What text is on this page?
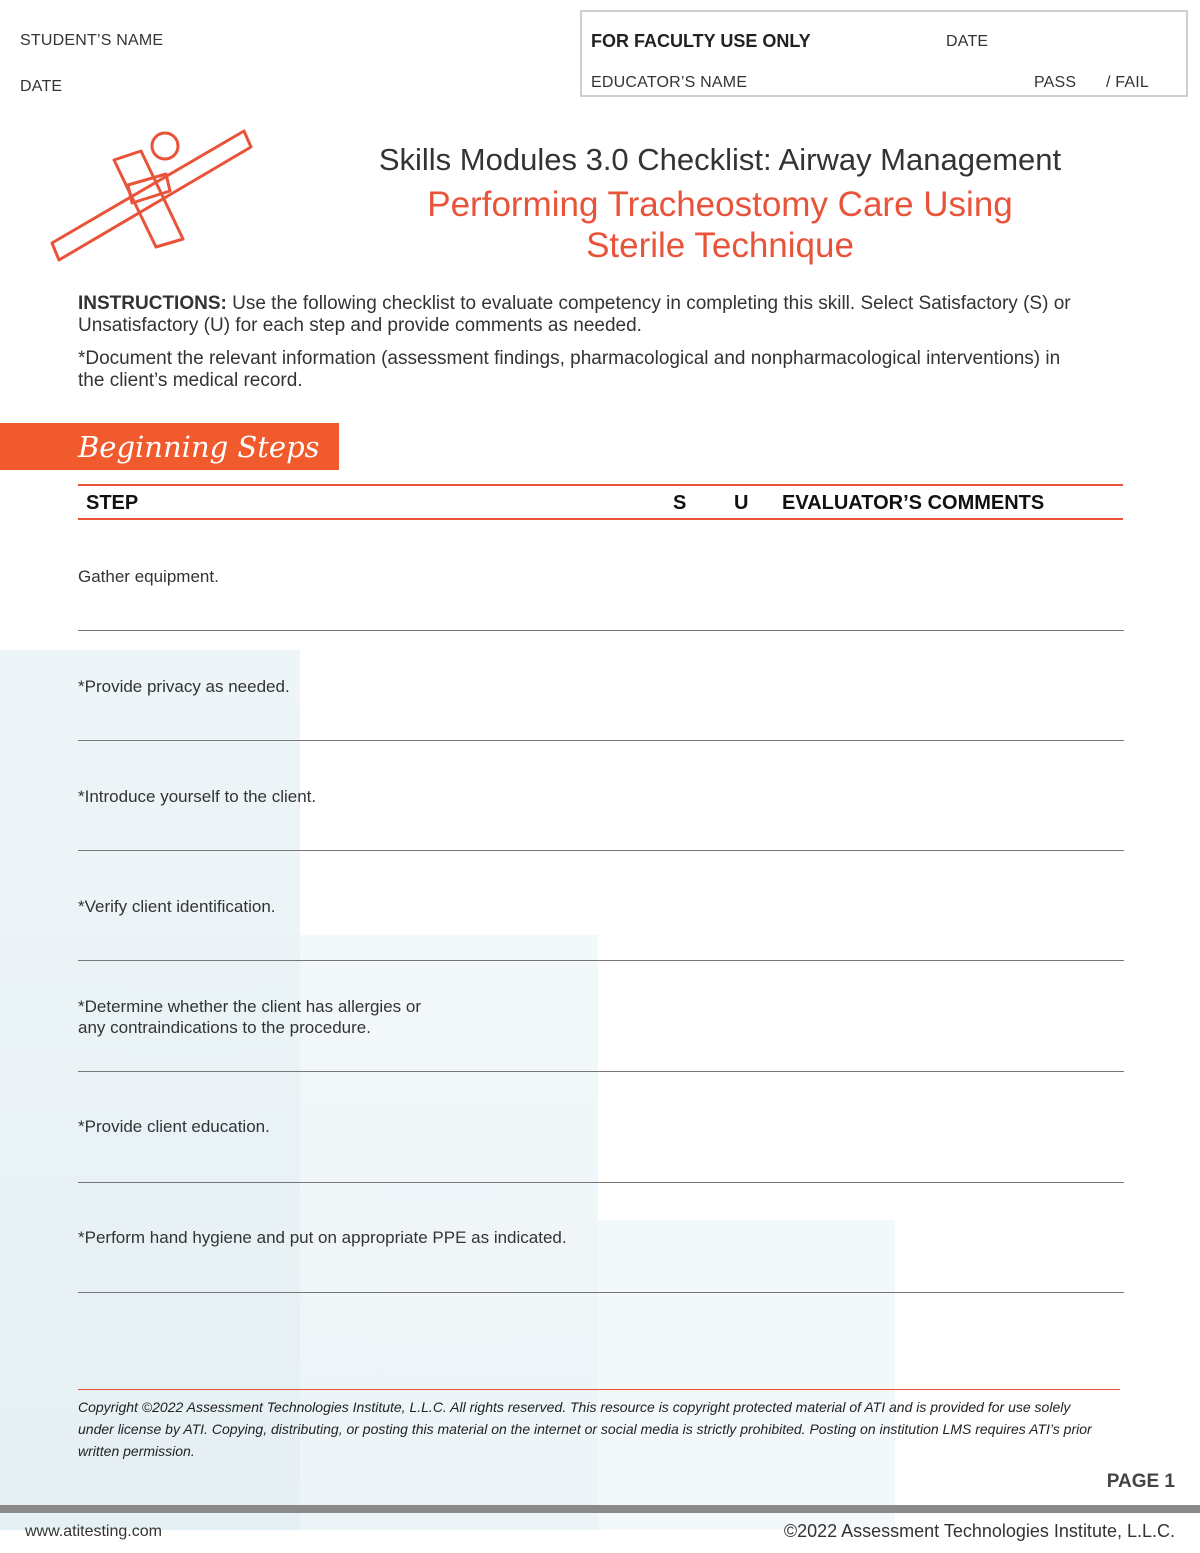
STUDENT’S NAME
DATE
FOR FACULTY USE ONLY	DATE
EDUCATOR’S NAME	PASS / FAIL
Skills Modules 3.0 Checklist: Airway Management
Performing Tracheostomy Care Using
Sterile Technique

INSTRUCTIONS: Use the following checklist to evaluate competency in completing this skill. Select Satisfactory (S) or Unsatisfactory (U) for each step and provide comments as needed.

*Document the relevant information (assessment findings, pharmacological and nonpharmacological interventions) in the client’s medical record.

Beginning Steps
STEP	S U EVALUATOR’S COMMENTS
Gather equipment.
*Provide privacy as needed.
*Introduce yourself to the client.
*Verify client identification.
*Determine whether the client has allergies or
any contraindications to the procedure.
*Provide client education.
*Perform hand hygiene and put on appropriate PPE as indicated.
Copyright ©2022 Assessment Technologies Institute, L.L.C. All rights reserved. This resource is copyright protected material of ATI and is provided for use solely under license by ATI. Copying, distributing, or posting this material on the internet or social media is strictly prohibited. Posting on institution LMS requires ATI’s prior written permission.
PAGE 1
www.atitesting.com	©2022 Assessment Technologies Institute, L.L.C.
